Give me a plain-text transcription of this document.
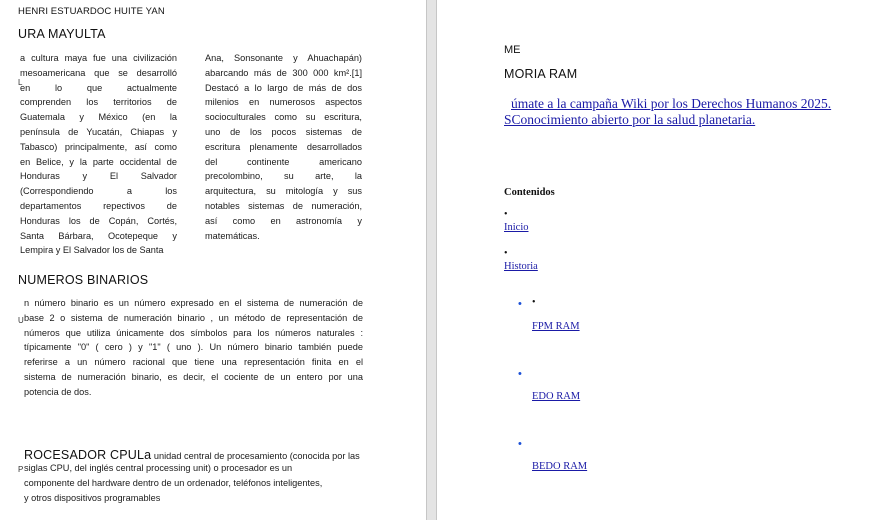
HENRI ESTUARDOC HUITE YAN
URA MAYULTA
L

a cultura maya fue una civilización

mesoamericana que se desarrolló

en lo que actualmente

comprenden los territorios de

Guatemala y México (en la

península de Yucatán, Chiapas y

Tabasco) principalmente, así como

en Belice, y la parte occidental de

Honduras y El Salvador

(Correspondiendo a los

departamentos repectivos de

Honduras los de Copán, Cortés,

Santa Bárbara, Ocotepeque y

Lempira y El Salvador los de Santa

Ana, Sonsonante y Ahuachapán)

abarcando más de 300 000 km².[1]

Destacó a lo largo de más de dos

milenios en numerosos aspectos

socioculturales como su escritura,

uno de los pocos sistemas de

escritura plenamente desarrollados

del continente americano

precolombino, su arte, la

arquitectura, su mitología y sus

notables sistemas de numeración,

así como en astronomía y

matemáticas.

NUMEROS BINARIOS
U

n número binario es un número expresado en el sistema de numeración de

base 2 o sistema de numeración binario , un método de representación de

números que utiliza únicamente dos símbolos para los números naturales :

típicamente "0" ( cero ) y "1" ( uno ). Un número binario también puede

referirse a un número racional que tiene una representación finita en el

sistema de numeración binario, es decir, el cociente de un entero por una

potencia de dos.

ROCESADOR CPULa unidad central de procesamiento (conocida por las
P siglas CPU, del inglés central processing unit) o procesador es un

componente del hardware dentro de un ordenador, teléfonos inteligentes,

y otros dispositivos programables

ME
MORIA RAM
úmate a la campaña Wiki por los Derechos Humanos 2025.
SConocimiento abierto por la salud planetaria.
Contenidos
•
Inicio
•
Historia
• •
FPM RAM
•
EDO RAM
•
BEDO RAM
